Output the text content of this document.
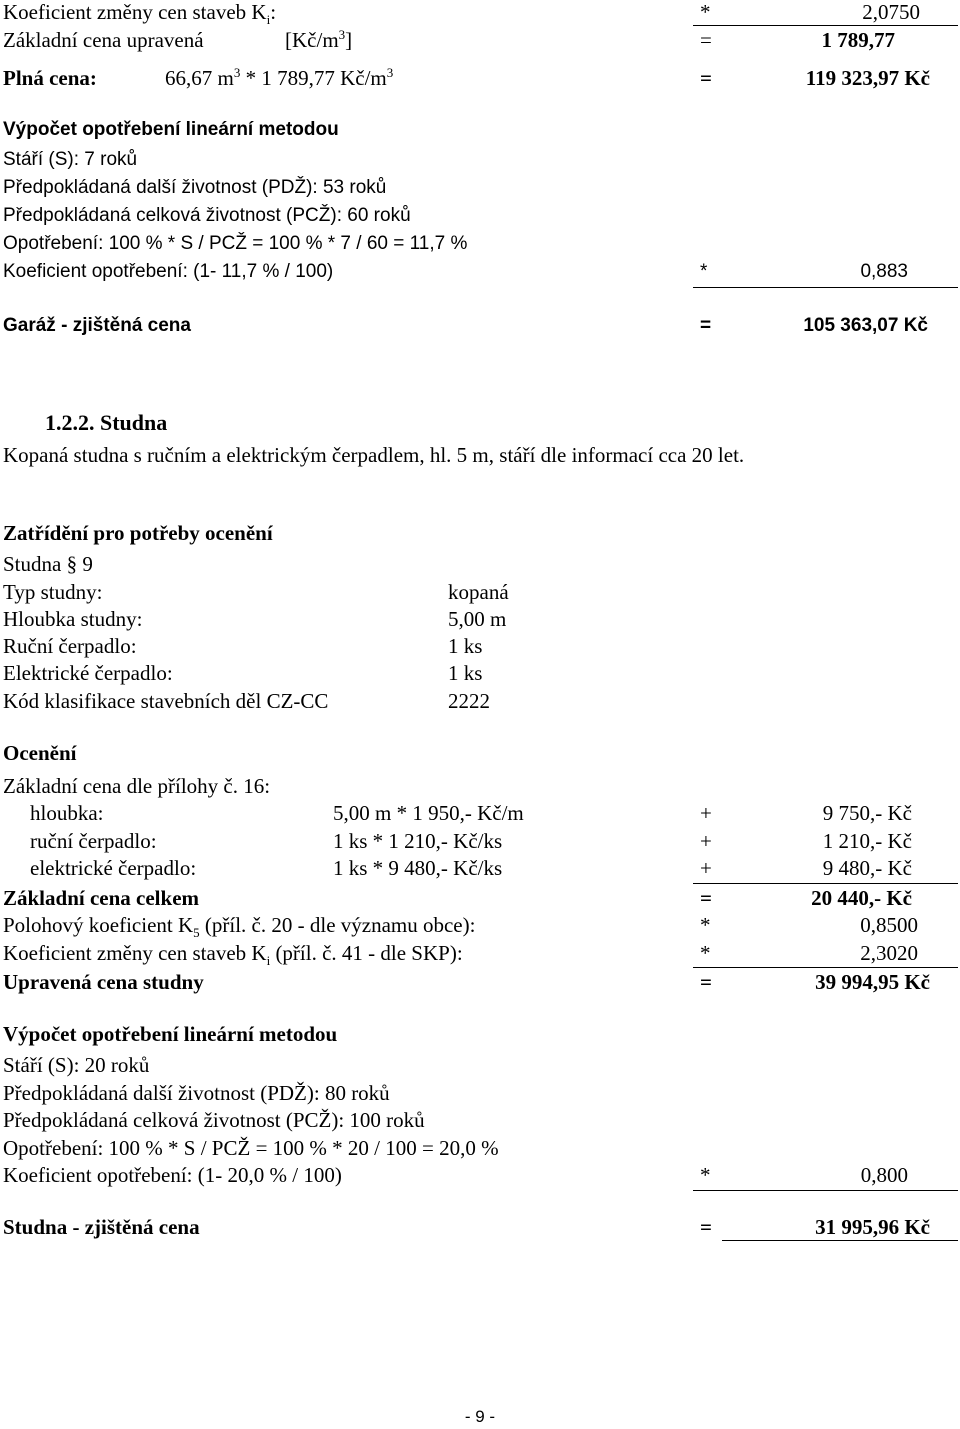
Koeficient změny cen staveb $K_i$:	*	2,0750
Základní cena upravená	$[Kč/m^3]$	=	1 789,77
Plná cena:	66,67 $m^3 * 1$ 789,77 $Kč/m^3$	=	119 323,97 Kč
Výpočet opotřebení lineární metodou
Stáří (S): 7 roků
Předpokládaná další životnost (PDŽ): 53 roků
Předpokládaná celková životnost (PCŽ): 60 roků
Opotřebení: 100 % * S / PCŽ = 100 % * 7 / 60 = 11,7 %
Koeficient opotřebení: (1- 11,7 % / 100)	*	0,883
Garáž - zjištěná cena	=	105 363,07 Kč
1.2.2. Studna
Kopaná studna s ručním a elektrickým čerpadlem, hl. 5 m, stáří dle informací cca 20 let.
Zatřídění pro potřeby ocenění
Studna § 9
Typ studny:	kopaná
Hloubka studny:	5,00 m
Ruční čerpadlo:	1 ks
Elektrické čerpadlo:	1 ks
Kód klasifikace stavebních děl CZ-CC	2222
Ocenění
Základní cena dle přílohy č. 16:
hloubka:	5,00 m * 1 950,- Kč/m	+	9 750,- Kč
ruční čerpadlo:	1 ks * 1 210,- Kč/ks	+	1 210,- Kč
elektrické čerpadlo:	1 ks * 9 480,- Kč/ks	+	9 480,- Kč
Základní cena celkem	=	20 440,- Kč
Polohový koeficient $K_5$ (příl. č. 20 - dle významu obce):	*	0,8500
Koeficient změny cen staveb $K_i$ (příl. č. 41 - dle SKP):	*	2,3020
Upravená cena studny	=	39 994,95 Kč
Výpočet opotřebení lineární metodou
Stáří (S): 20 roků
Předpokládaná další životnost (PDŽ): 80 roků
Předpokládaná celková životnost (PCŽ): 100 roků
Opotřebení: 100 % * S / PCŽ = 100 % * 20 / 100 = 20,0 %
Koeficient opotřebení: (1- 20,0 % / 100)	*	0,800
Studna - zjištěná cena	=	31 995,96 Kč
- 9 -
